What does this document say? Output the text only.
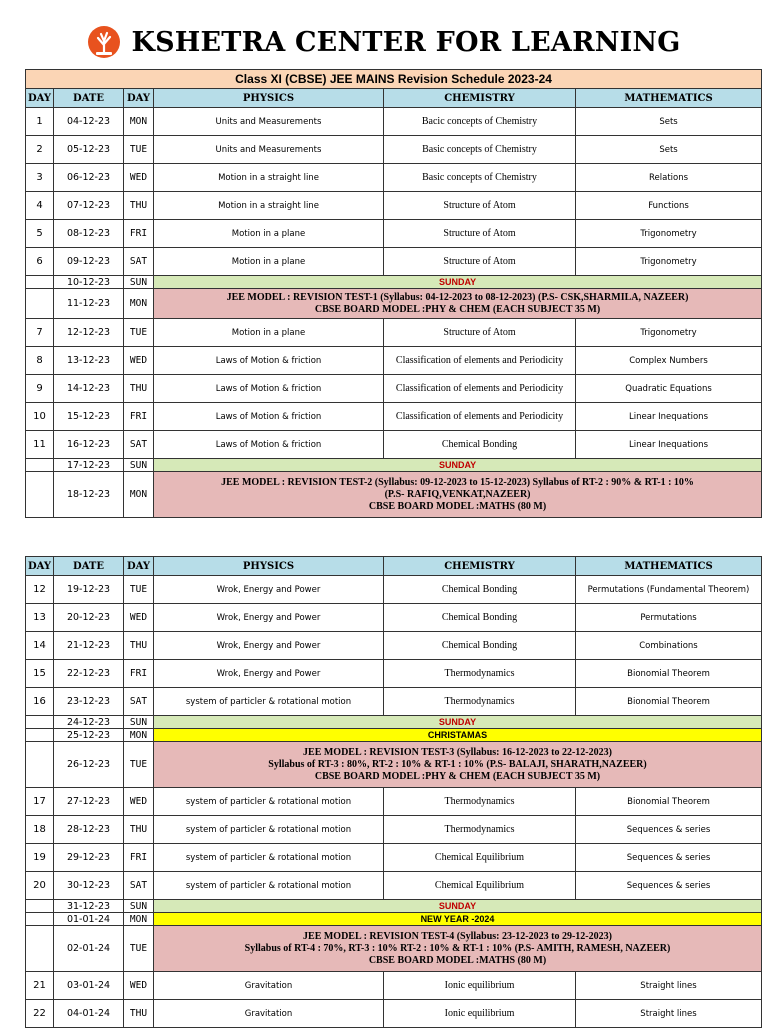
KSHETRA CENTER FOR LEARNING
Class XI (CBSE) JEE MAINS Revision Schedule 2023-24					
DAY	DATE	DAY	PHYSICS	CHEMISTRY	MATHEMATICS
1	04-12-23	MON	Units and Measurements	Bacic concepts of Chemistry	Sets
2	05-12-23	TUE	Units and Measurements	Basic concepts of Chemistry	Sets
3	06-12-23	WED	Motion in a straight line	Basic concepts of Chemistry	Relations
4	07-12-23	THU	Motion in a straight line	Structure of Atom	Functions
5	08-12-23	FRI	Motion in a plane	Structure of Atom	Trigonometry
6	09-12-23	SAT	Motion in a plane	Structure of Atom	Trigonometry
	10-12-23	SUN	SUNDAY		
	11-12-23	MON	JEE MODEL : REVISION TEST-1 (Syllabus: 04-12-2023 to 08-12-2023) (P.S- CSK,SHARMILA, NAZEER)
CBSE BOARD MODEL :PHY & CHEM (EACH SUBJECT 35 M)		

7	12-12-23	TUE	Motion in a plane	Structure of Atom	Trigonometry
8	13-12-23	WED	Laws of Motion & friction	Classification of elements and Periodicity	Complex Numbers
9	14-12-23	THU	Laws of Motion & friction	Classification of elements and Periodicity	Quadratic Equations
10	15-12-23	FRI	Laws of Motion & friction	Classification of elements and Periodicity	Linear Inequations
11	16-12-23	SAT	Laws of Motion & friction	Chemical Bonding	Linear Inequations
	17-12-23	SUN	SUNDAY		
	18-12-23	MON	JEE MODEL : REVISION TEST-2 (Syllabus: 09-12-2023 to 15-12-2023) Syllabus of RT-2 : 90% & RT-1 : 10%
(P.S- RAFIQ,VENKAT,NAZEER)
CBSE BOARD MODEL :MATHS (80 M)		
DAY	DATE	DAY	PHYSICS	CHEMISTRY	MATHEMATICS
12	19-12-23	TUE	Wrok, Energy and Power	Chemical Bonding	Permutations (Fundamental Theorem)
13	20-12-23	WED	Wrok, Energy and Power	Chemical Bonding	Permutations
14	21-12-23	THU	Wrok, Energy and Power	Chemical Bonding	Combinations
15	22-12-23	FRI	Wrok, Energy and Power	Thermodynamics	Bionomial Theorem
16	23-12-23	SAT	system of particler & rotational motion	Thermodynamics	Bionomial Theorem
	24-12-23	SUN	SUNDAY		
	25-12-23	MON	CHRISTAMAS		
	26-12-23	TUE	JEE MODEL : REVISION TEST-3 (Syllabus: 16-12-2023 to 22-12-2023)
Syllabus of RT-3 : 80%, RT-2 : 10% & RT-1 : 10% (P.S- BALAJI, SHARATH,NAZEER)
CBSE BOARD MODEL :PHY & CHEM (EACH SUBJECT 35 M)		

17	27-12-23	WED	system of particler & rotational motion	Thermodynamics	Bionomial Theorem
18	28-12-23	THU	system of particler & rotational motion	Thermodynamics	Sequences & series
19	29-12-23	FRI	system of particler & rotational motion	Chemical Equilibrium	Sequences & series
20	30-12-23	SAT	system of particler & rotational motion	Chemical Equilibrium	Sequences & series
	31-12-23	SUN	SUNDAY		
	01-01-24	MON	NEW YEAR -2024		
	02-01-24	TUE	JEE MODEL : REVISION TEST-4 (Syllabus: 23-12-2023 to 29-12-2023)
Syllabus of RT-4 : 70%, RT-3 : 10% RT-2 : 10% & RT-1 : 10% (P.S- AMITH, RAMESH, NAZEER)
CBSE BOARD MODEL :MATHS (80 M)		

21	03-01-24	WED	Gravitation	Ionic equilibrium	Straight lines
22	04-01-24	THU	Gravitation	Ionic equilibrium	Straight lines
